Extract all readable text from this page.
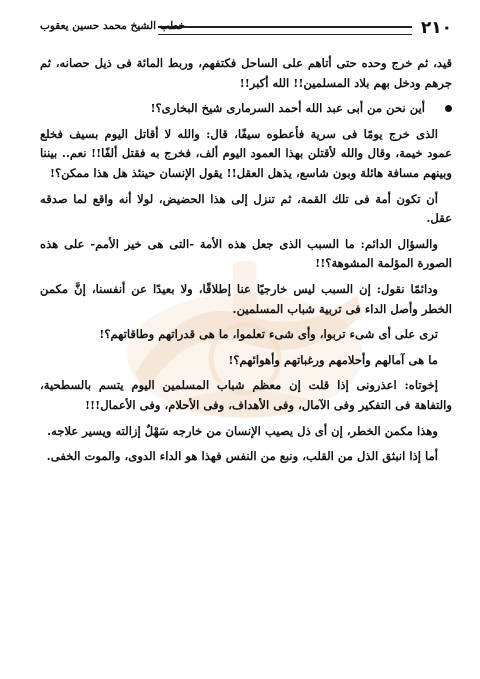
٢١٠
خطب الشيخ محمد حسين يعقوب

قيد، ثم خرج وحده حتى أتاهم على الساحل فكتفهم، وربط المائة فى ذيل حصانه، ثم جرهم ودخل بهم بلاد المسلمين!! الله أكبر!!

أين نحن من أبى عبد الله أحمد السرمارى شيخ البخارى؟!

الذى خرج يومًا فى سرية فأعطوه سيفًا، قال: والله لا أقاتل اليوم بسيف فخلع عمود خيمة، وقال والله لأقتلن بهذا العمود اليوم ألف، فخرج به فقتل ألفًا!! نعم.. بيننا وبينهم مسافة هائلة وبون شاسع، يذهل العقل!! يقول الإنسان حينئذ هل هذا ممكن؟!

أن تكون أمة فى تلك القمة، ثم تنزل إلى هذا الحضيض، لولا أنه واقع لما صدقه عقل.

والسؤال الدائم: ما السبب الذى جعل هذه الأمة -التى هى خير الأمم- على هذه الصورة المؤلمة المشوهة؟!!

ودائمًا نقول: إن السبب ليس خارجيًا عنا إطلاقًا، ولا بعيدًا عن أنفسنا، إنَّ مكمن الخطر وأصل الداء فى تربية شباب المسلمين.

ترى على أى شىء تربوا، وأى شىء تعلموا، ما هى قدراتهم وطاقاتهم؟!

ما هى آمالهم وأحلامهم ورغباتهم وأهوائهم؟!

إخوتاه: اعذرونى إذا قلت إن معظم شباب المسلمين اليوم يتسم بالسطحية، والتفاهة فى التفكير وفى الآمال، وفى الأهداف، وفى الأحلام، وفى الأعمال!!!

وهذا مكمن الخطر، إن أى ذل يصيب الإنسان من خارجه سَهْلٌ إزالته ويسير علاجه.

أما إذا انبثق الذل من القلب، ونبع من النفس فهذا هو الداء الدوى، والموت الخفى.
